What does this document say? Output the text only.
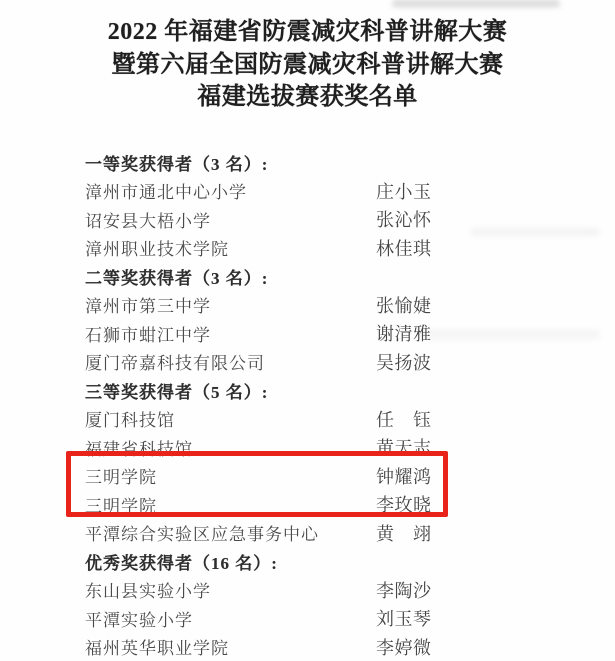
2022 年福建省防震减灾科普讲解大赛
暨第六届全国防震减灾科普讲解大赛
福建选拔赛获奖名单
一等奖获得者（3 名）:
漳州市通北中心小学	庄小玉
诏安县大梧小学	张沁怀
漳州职业技术学院	林佳琪
二等奖获得者（3 名）:
漳州市第三中学	张愉婕
石狮市蚶江中学	谢清雅
厦门帝嘉科技有限公司	吴扬波
三等奖获得者（5 名）:
厦门科技馆	任　钰
福建省科技馆	黄天志
三明学院	钟耀鸿
三明学院	李玫晓
平潭综合实验区应急事务中心	黄　翊
优秀奖获得者（16 名）:
东山县实验小学	李陶沙
平潭实验小学	刘玉琴
福州英华职业学院	李婷微
